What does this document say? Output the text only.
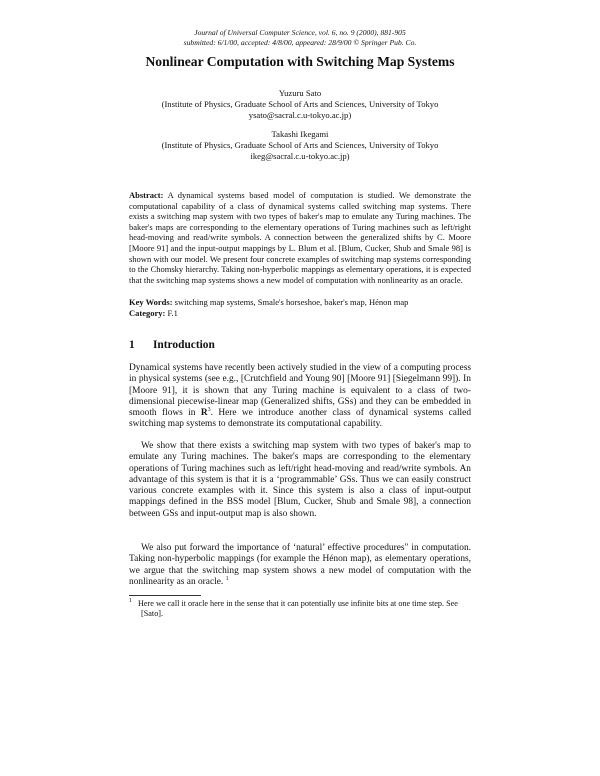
Journal of Universal Computer Science, vol. 6, no. 9 (2000), 881-905
submitted: 6/1/00, accepted: 4/8/00, appeared: 28/9/00 © Springer Pub. Co.
Nonlinear Computation with Switching Map Systems
Yuzuru Sato
(Institute of Physics, Graduate School of Arts and Sciences, University of Tokyo
ysato@sacral.c.u-tokyo.ac.jp)
Takashi Ikegami
(Institute of Physics, Graduate School of Arts and Sciences, University of Tokyo
ikeg@sacral.c.u-tokyo.ac.jp)
Abstract: A dynamical systems based model of computation is studied. We demonstrate the computational capability of a class of dynamical systems called switching map systems. There exists a switching map system with two types of baker's map to emulate any Turing machines. The baker's maps are corresponding to the elementary operations of Turing machines such as left/right head-moving and read/write symbols. A connection between the generalized shifts by C. Moore [Moore 91] and the input-output mappings by L. Blum et al. [Blum, Cucker, Shub and Smale 98] is shown with our model. We present four concrete examples of switching map systems corresponding to the Chomsky hierarchy. Taking non-hyperbolic mappings as elementary operations, it is expected that the switching map systems shows a new model of computation with nonlinearity as an oracle.
Key Words: switching map systems, Smale's horseshoe, baker's map, Hénon map
Category: F.1
1 Introduction
Dynamical systems have recently been actively studied in the view of a computing process in physical systems (see e.g., [Crutchfield and Young 90] [Moore 91] [Siegelmann 99]). In [Moore 91], it is shown that any Turing machine is equivalent to a class of two-dimensional piecewise-linear map (Generalized shifts, GSs) and they can be embedded in smooth flows in $R^3$. Here we introduce another class of dynamical systems called switching map systems to demonstrate its computational capability.
We show that there exists a switching map system with two types of baker's map to emulate any Turing machines. The baker's maps are corresponding to the elementary operations of Turing machines such as left/right head-moving and read/write symbols. An advantage of this system is that it is a ‘programmable’ GSs. Thus we can easily construct various concrete examples with it. Since this system is also a class of input-output mappings defined in the BSS model [Blum, Cucker, Shub and Smale 98], a connection between GSs and input-output map is also shown.
We also put forward the importance of ‘natural’ effective procedures" in computation. Taking non-hyperbolic mappings (for example the Hénon map), as elementary operations, we argue that the switching map system shows a new model of computation with the nonlinearity as an oracle. $^1$
1 Here we call it oracle here in the sense that it can potentially use infinite bits at one time step. See [Sato].
